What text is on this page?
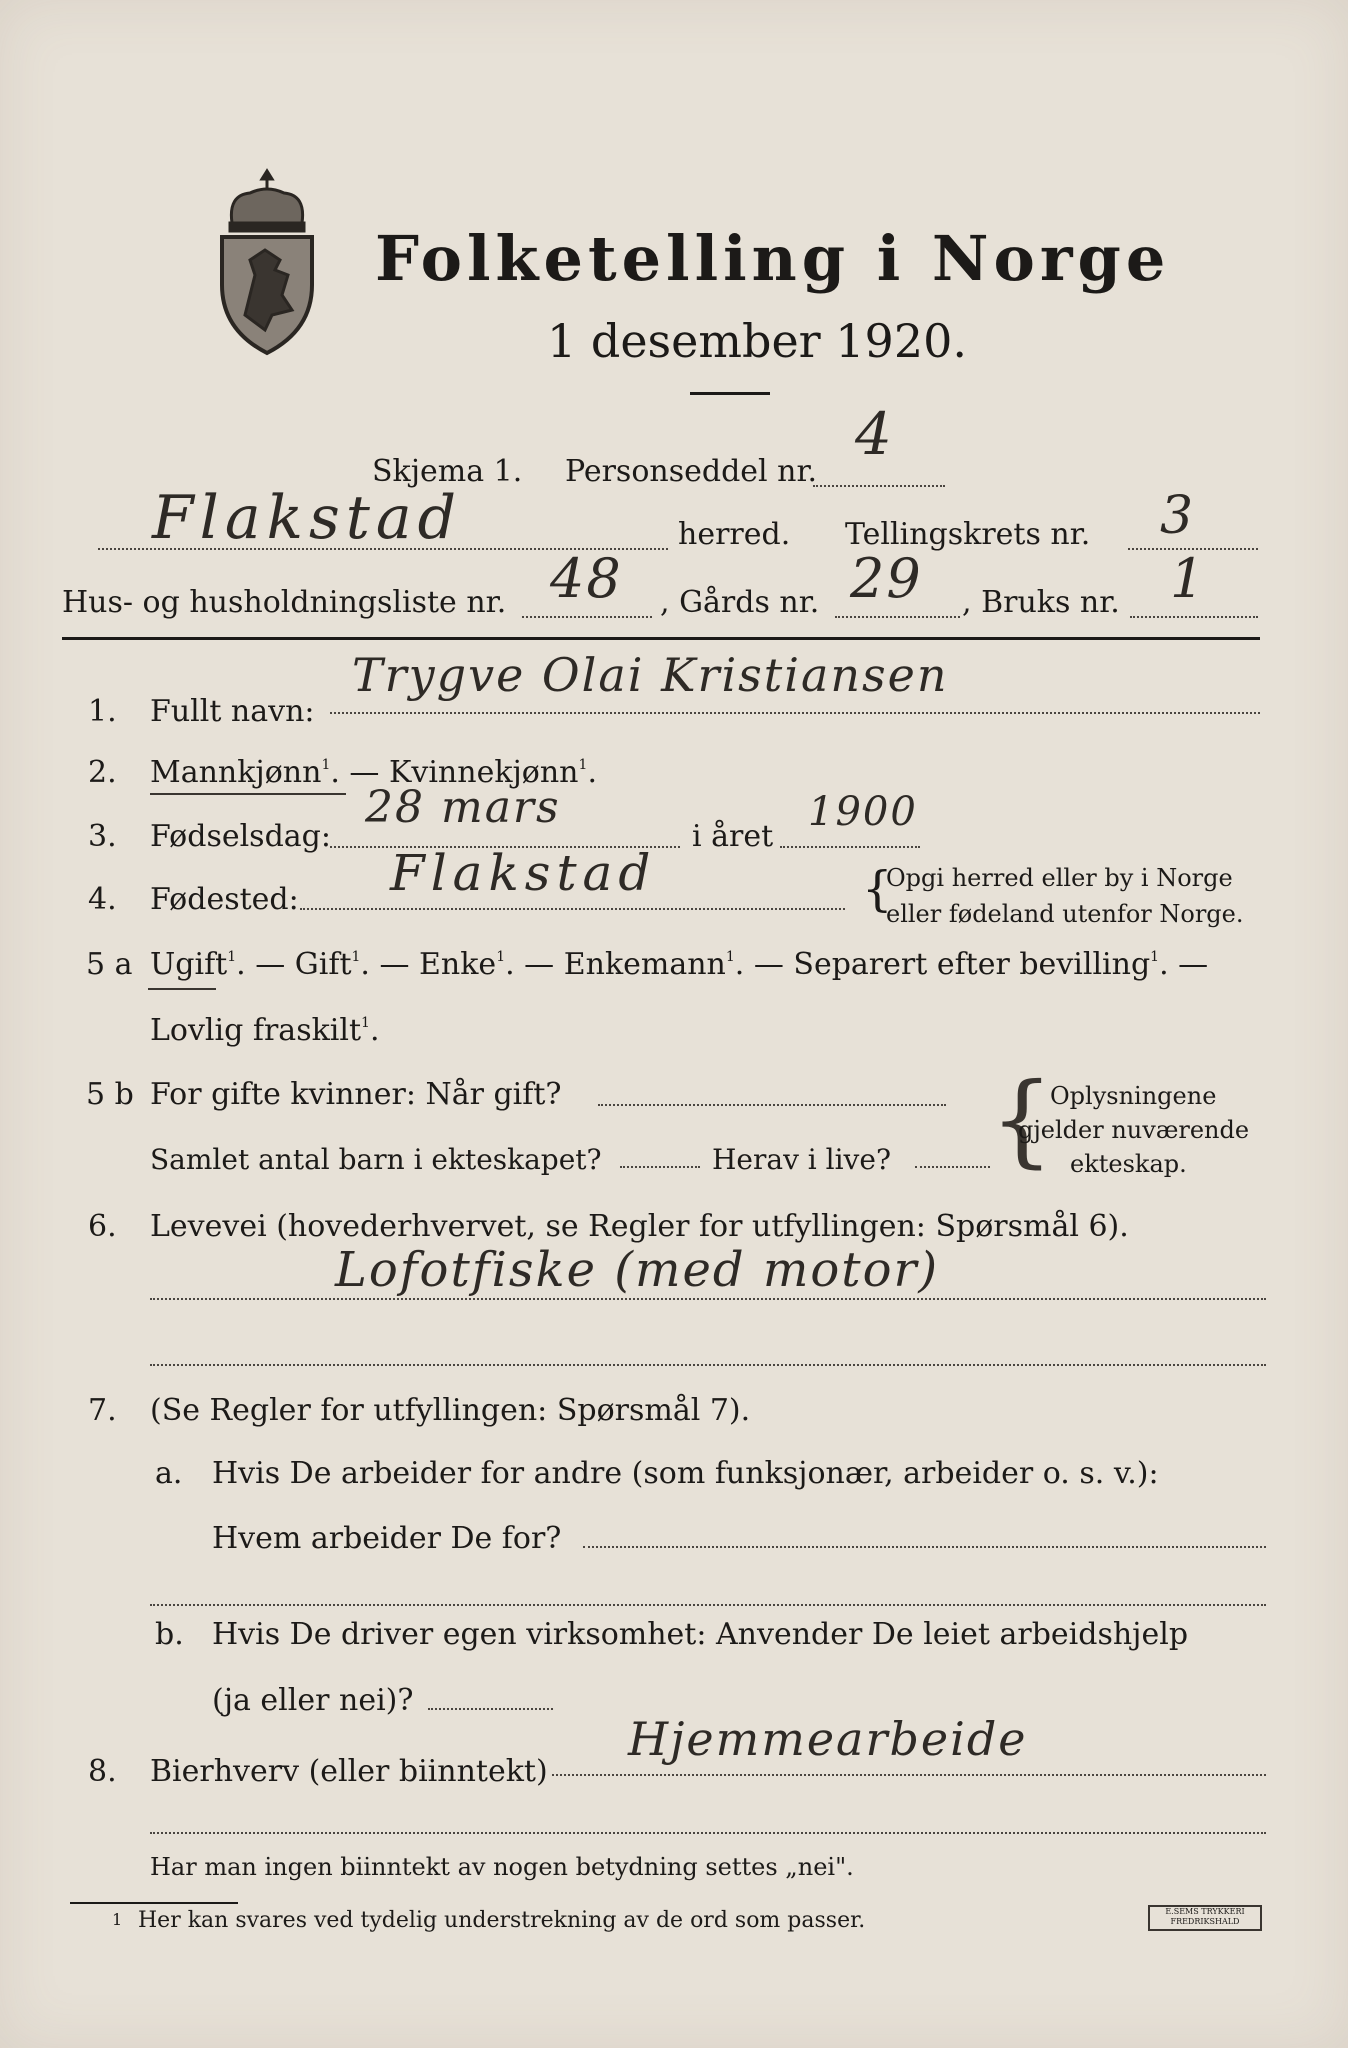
Folketelling i Norge
1 desember 1920.
Skjema 1. Personseddel nr.
4
Flakstad	herred. Tellingskrets nr. 3
Hus- og husholdningsliste nr. 48 , Gårds nr. 29 , Bruks nr. 1
1. Fullt navn:
Trygve Olai Kristiansen
2. Mannkjønn$^1$. — Kvinnekjønn$^1$.
3. Fødselsdag:
28 mars
i året
1900
4. Fødested: Flakstad	{
Opgi herred eller by i Norge
eller fødeland utenfor Norge.
5 a Ugift$^1$. — Gift$^1$. — Enke$^1$. — Enkemann$^1$. — Separert efter bevilling$^1$. —
Lovlig fraskilt$^1$.
5 b For gifte kvinner: Når gift?
Samlet antal barn i ekteskapet?	Herav i live? {
Oplysningene
gjelder nuværende
ekteskap.
6. Levevei (hovederhvervet, se Regler for utfyllingen: Spørsmål 6).
Lofotfiske (med motor)
7. (Se Regler for utfyllingen: Spørsmål 7).
a. Hvis De arbeider for andre (som funksjonær, arbeider o. s. v.):
Hvem arbeider De for?
b. Hvis De driver egen virksomhet: Anvender De leiet arbeidshjelp
(ja eller nei)?
8. Bierhverv (eller biinntekt)
Hjemmearbeide
Har man ingen biinntekt av nogen betydning settes „nei".
1 Her kan svares ved tydelig understrekning av de ord som passer.	E.SEMS TRYKKERI FREDRIKSHALD
